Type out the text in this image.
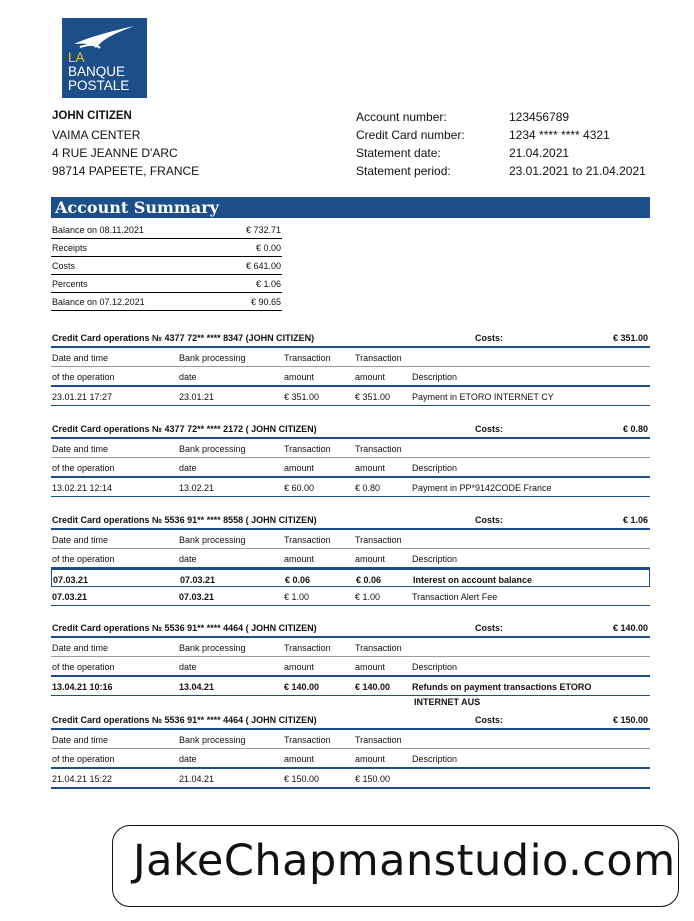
LA
BANQUE
POSTALE
JOHN CITIZEN
VAIMA CENTER
4 RUE JEANNE D'ARC
98714 PAPEETE, FRANCE
Account number:	123456789
Credit Card number:	1234 **** **** 4321
Statement date:	21.04.2021
Statement period:	23.01.2021 to 21.04.2021
Account Summary
Balance on 08.11.2021	€ 732.71
Receipts	€ 0.00
Costs	€ 641.00
Percents	€ 1.06
Balance on 07.12.2021	€ 90.65
Credit Card operations № 4377 72** **** 8347 (JOHN CITIZEN)	Costs:	€ 351.00
Date and time	Bank processing	Transaction	Transaction
of the operation	date	amount	amount	Description
23.01.21 17:27	23.01.21	€ 351.00	€ 351.00 Payment in ETORO INTERNET CY
Credit Card operations № 4377 72** **** 2172 ( JOHN CITIZEN)	Costs:	€ 0.80
Date and time	Bank processing	Transaction	Transaction
of the operation	date	amount	amount	Description
13.02.21 12:14	13.02.21	€ 60.00	€ 0.80	Payment in PP*9142CODE France
Credit Card operations № 5536 91** **** 8558 ( JOHN CITIZEN)	Costs:	€ 1.06
Date and time	Bank processing	Transaction	Transaction
of the operation	date	amount	amount	Description
07.03.21	07.03.21	€ 0.06	€ 0.06	Interest on account balance
07.03.21	07.03.21	€ 1.00	€ 1.00	Transaction Alert Fee
Credit Card operations № 5536 91** **** 4464 ( JOHN CITIZEN)	Costs:	€ 140.00
Date and time	Bank processing	Transaction	Transaction
of the operation	date	amount	amount	Description
13.04.21 10:16	13.04.21	€ 140.00	€ 140.00 Refunds on payment transactions ETORO
INTERNET AUS
Credit Card operations № 5536 91** **** 4464 ( JOHN CITIZEN)	Costs:	€ 150.00
Date and time	Bank processing	Transaction	Transaction
of the operation	date	amount	amount	Description
21.04.21 15:22	21.04.21	€ 150.00	€ 150.00
JakeChapmanstudio.com
